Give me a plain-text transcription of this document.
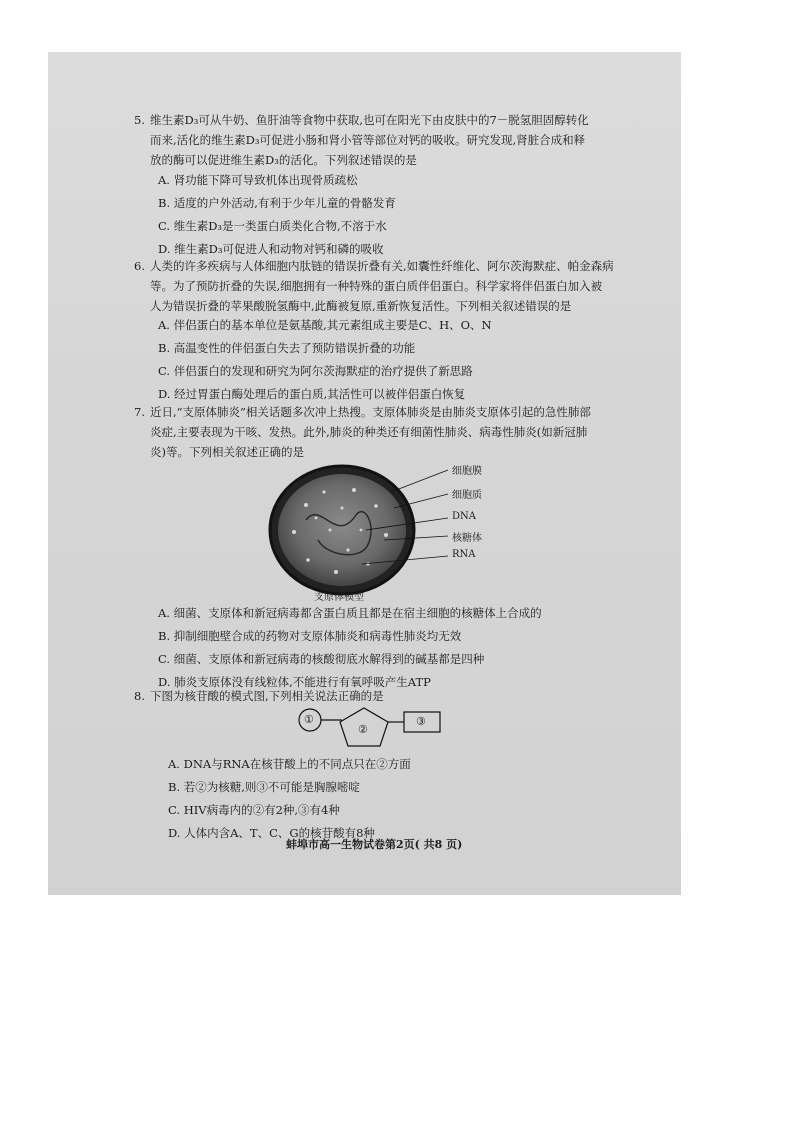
5. 维生素D₃可从牛奶、鱼肝油等食物中获取,也可在阳光下由皮肤中的7－脱氢胆固醇转化
而来,活化的维生素D₃可促进小肠和肾小管等部位对钙的吸收。研究发现,肾脏合成和释
放的酶可以促进维生素D₃的活化。下列叙述错误的是
A. 肾功能下降可导致机体出现骨质疏松
B. 适度的户外活动,有利于少年儿童的骨骼发育
C. 维生素D₃是一类蛋白质类化合物,不溶于水
D. 维生素D₃可促进人和动物对钙和磷的吸收
6. 人类的许多疾病与人体细胞内肽链的错误折叠有关,如囊性纤维化、阿尔茨海默症、帕金森病
等。为了预防折叠的失误,细胞拥有一种特殊的蛋白质伴侣蛋白。科学家将伴侣蛋白加入被
人为错误折叠的苹果酸脱氢酶中,此酶被复原,重新恢复活性。下列相关叙述错误的是
A. 伴侣蛋白的基本单位是氨基酸,其元素组成主要是C、H、O、N
B. 高温变性的伴侣蛋白失去了预防错误折叠的功能
C. 伴侣蛋白的发现和研究为阿尔茨海默症的治疗提供了新思路
D. 经过胃蛋白酶处理后的蛋白质,其活性可以被伴侣蛋白恢复
7. 近日,“支原体肺炎”相关话题多次冲上热搜。支原体肺炎是由肺炎支原体引起的急性肺部
炎症,主要表现为干咳、发热。此外,肺炎的种类还有细菌性肺炎、病毒性肺炎(如新冠肺
炎)等。下列相关叙述正确的是
细胞膜
细胞质
DNA
核糖体
RNA
支原体模型
A. 细菌、支原体和新冠病毒都含蛋白质且都是在宿主细胞的核糖体上合成的
B. 抑制细胞壁合成的药物对支原体肺炎和病毒性肺炎均无效
C. 细菌、支原体和新冠病毒的核酸彻底水解得到的碱基都是四种
D. 肺炎支原体没有线粒体,不能进行有氧呼吸产生ATP
8. 下图为核苷酸的模式图,下列相关说法正确的是
①
②
③
A. DNA与RNA在核苷酸上的不同点只在②方面
B. 若②为核糖,则③不可能是胸腺嘧啶
C. HIV病毒内的②有2种,③有4种
D. 人体内含A、T、C、G的核苷酸有8种
蚌埠市高一生物试卷第2页( 共8 页)
